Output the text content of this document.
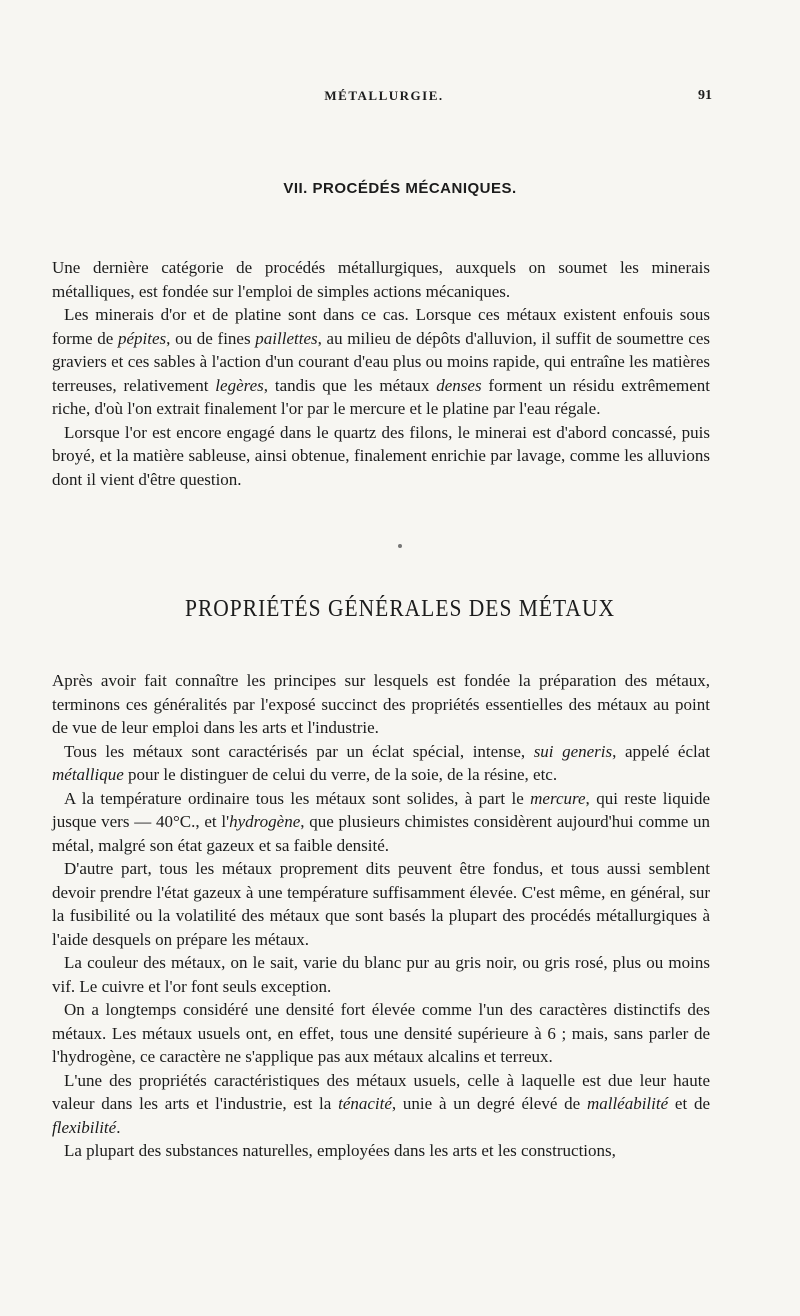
MÉTALLURGIE.	91
VII. PROCÉDÉS MÉCANIQUES.

Une dernière catégorie de procédés métallurgiques, auxquels on soumet les minerais métalliques, est fondée sur l'emploi de simples actions mécaniques.

Les minerais d'or et de platine sont dans ce cas. Lorsque ces métaux existent enfouis sous forme de pépites, ou de fines paillettes, au milieu de dépôts d'alluvion, il suffit de soumettre ces graviers et ces sables à l'action d'un courant d'eau plus ou moins rapide, qui entraîne les matières terreuses, relativement legères, tandis que les métaux denses forment un résidu extrêmement riche, d'où l'on extrait finalement l'or par le mercure et le platine par l'eau régale.

Lorsque l'or est encore engagé dans le quartz des filons, le minerai est d'abord concassé, puis broyé, et la matière sableuse, ainsi obtenue, finalement enrichie par lavage, comme les alluvions dont il vient d'être question.

PROPRIÉTÉS GÉNÉRALES DES MÉTAUX

Après avoir fait connaître les principes sur lesquels est fondée la préparation des métaux, terminons ces généralités par l'exposé succinct des propriétés essentielles des métaux au point de vue de leur emploi dans les arts et l'industrie.

Tous les métaux sont caractérisés par un éclat spécial, intense, sui generis, appelé éclat métallique pour le distinguer de celui du verre, de la soie, de la résine, etc.

A la température ordinaire tous les métaux sont solides, à part le mercure, qui reste liquide jusque vers — 40°C., et l'hydrogène, que plusieurs chimistes considèrent aujourd'hui comme un métal, malgré son état gazeux et sa faible densité.

D'autre part, tous les métaux proprement dits peuvent être fondus, et tous aussi semblent devoir prendre l'état gazeux à une température suffisamment élevée. C'est même, en général, sur la fusibilité ou la volatilité des métaux que sont basés la plupart des procédés métallurgiques à l'aide desquels on prépare les métaux.

La couleur des métaux, on le sait, varie du blanc pur au gris noir, ou gris rosé, plus ou moins vif. Le cuivre et l'or font seuls exception.

On a longtemps considéré une densité fort élevée comme l'un des caractères distinctifs des métaux. Les métaux usuels ont, en effet, tous une densité supérieure à 6 ; mais, sans parler de l'hydrogène, ce caractère ne s'applique pas aux métaux alcalins et terreux.

L'une des propriétés caractéristiques des métaux usuels, celle à laquelle est due leur haute valeur dans les arts et l'industrie, est la ténacité, unie à un degré élevé de malléabilité et de flexibilité.

La plupart des substances naturelles, employées dans les arts et les constructions,
